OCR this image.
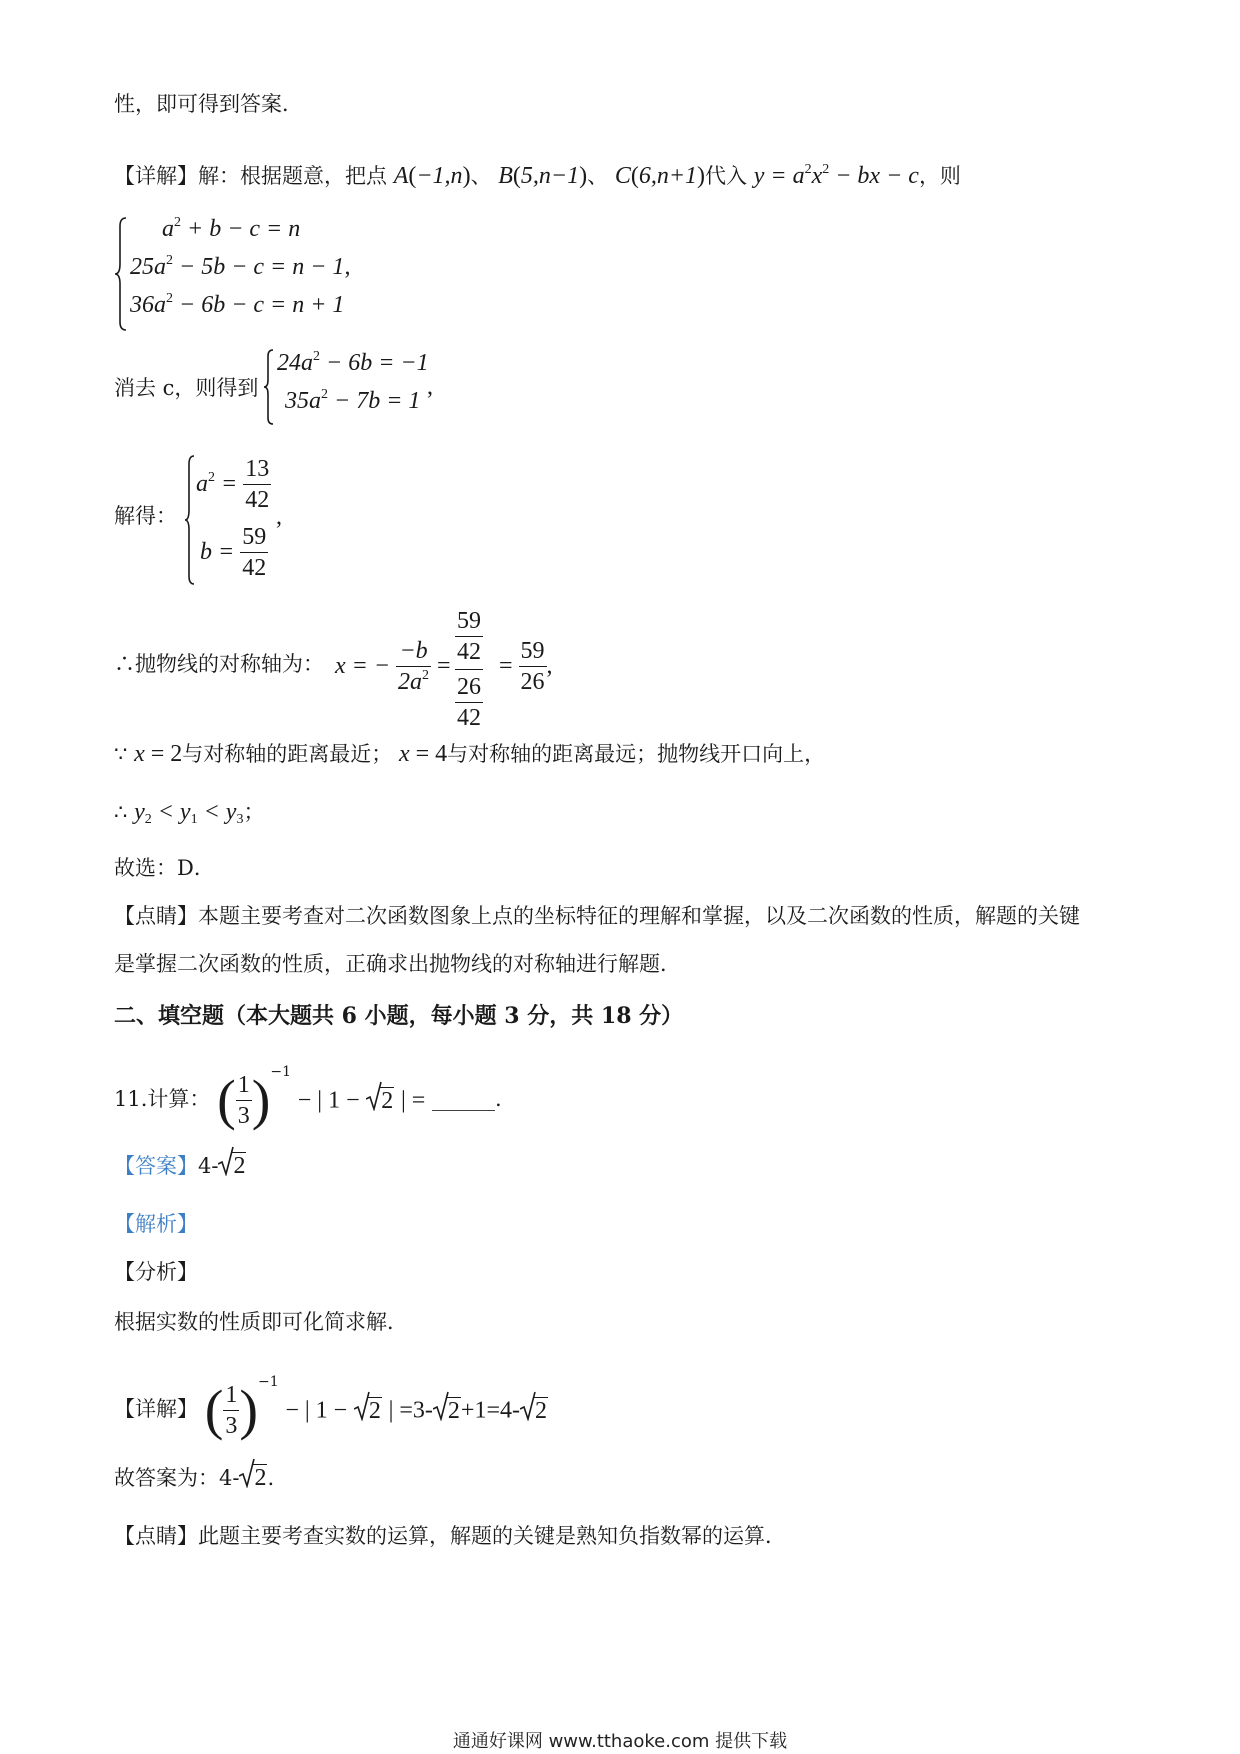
性，即可得到答案．
【详解】解：根据题意，把点 A(−1,n)、 B(5,n−1)、 C(6,n+1)代入 $y = a^2x^2$ − bx − c，则
$a^2 + b - c = n$
$25a^2 - 5b - c = n - 1$,
$36a^2 - 6b - c = n + 1$
消去 c，则得到
$24a^2 - 6b = -1$
$35a^2 - 7b = 1$
,
解得：
$a^2 = \frac{13}{42}$
$b = \frac{59}{42}$
,
∴抛物线的对称轴为： x = − $\frac{-b}{2a^2} = \frac{\frac{59}{42}}{\frac{26}{42}} = \frac{59}{26}$ ,
∵ x = 2与对称轴的距离最近； x = 4与对称轴的距离最远；抛物线开口向上，
∴ $y_2 < y_1 < y_3$；
故选：D．
【点睛】本题主要考查对二次函数图象上点的坐标特征的理解和掌握，以及二次函数的性质，解题的关键
是掌握二次函数的性质，正确求出抛物线的对称轴进行解题．
二、填空题（本大题共 6 小题，每小题 3 分，共 18 分）
11.计算： ( $\frac{1}{3} )^{-1}$ − | 1 − 2 | = ______.
【答案】4- 2
【解析】
【分析】
根据实数的性质即可化简求解．
【详解】 ( $\frac{1}{3} )^{-1}$ − | 1 − 2 | =3- 2+1=4- 2
故答案为：4- 2.
【点睛】此题主要考查实数的运算，解题的关键是熟知负指数幂的运算．
通通好课网 www.tthaoke.com 提供下载
